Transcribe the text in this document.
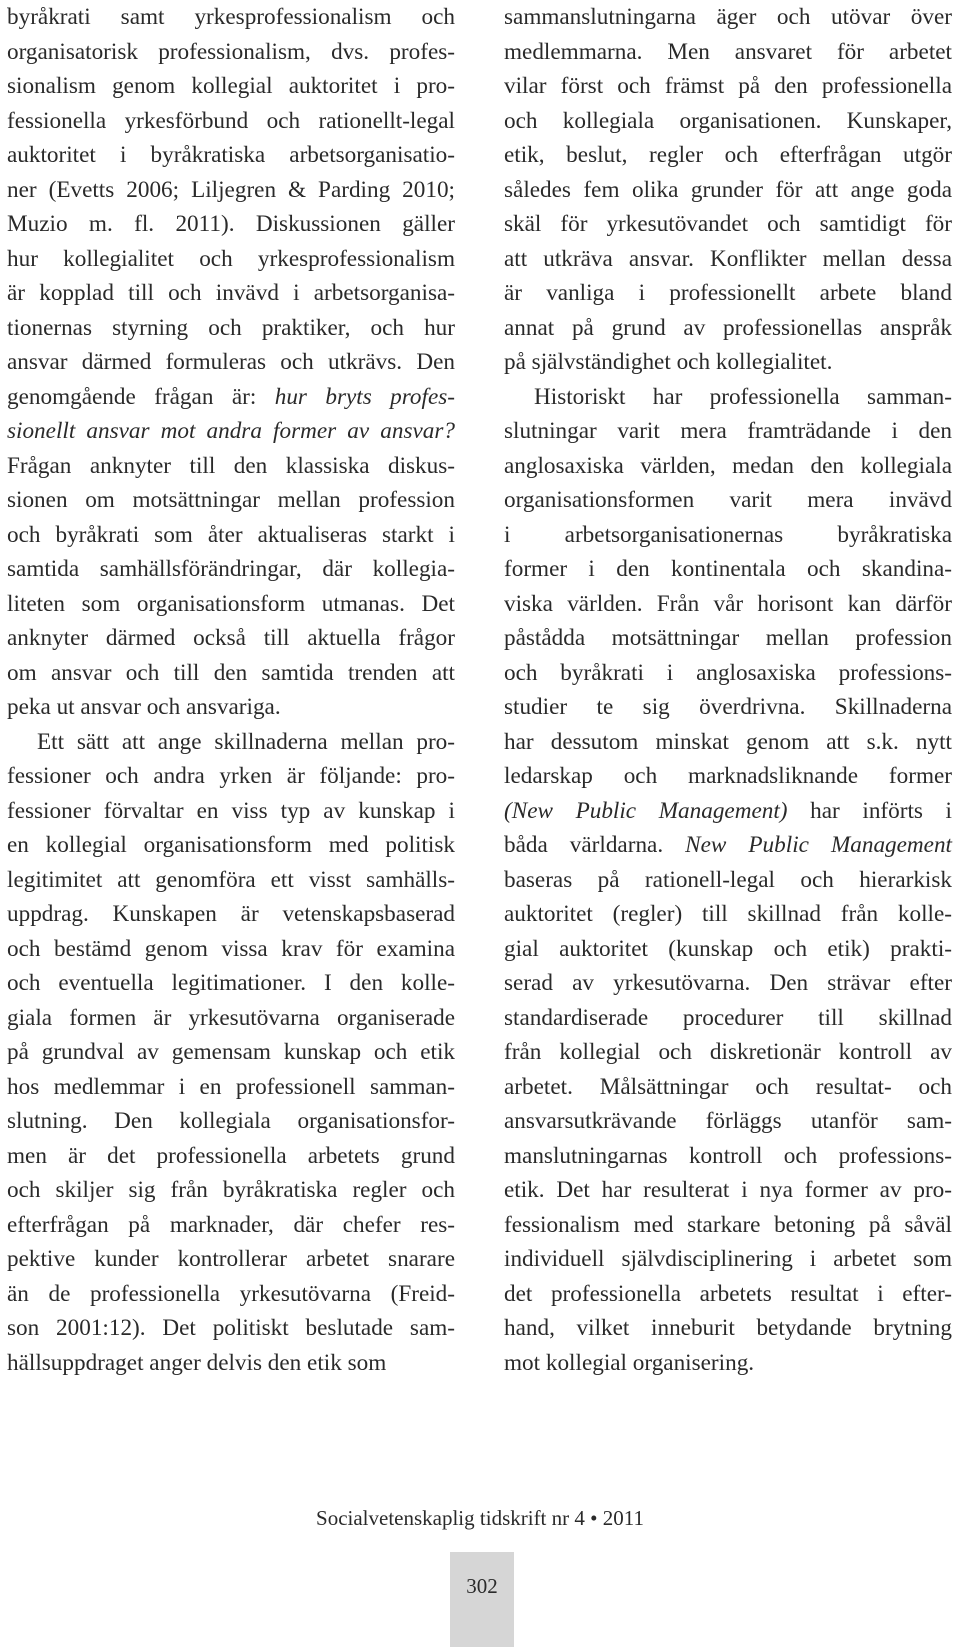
byråkrati samt yrkesprofessionalism och
organisatorisk professionalism, dvs. profes-
sionalism genom kollegial auktoritet i pro-
fessionella yrkesförbund och rationellt-legal
auktoritet i byråkratiska arbetsorganisatio-
ner (Evetts 2006; Liljegren & Parding 2010;
Muzio m. fl. 2011). Diskussionen gäller
hur kollegialitet och yrkesprofessionalism
är kopplad till och invävd i arbetsorganisa-
tionernas styrning och praktiker, och hur
ansvar därmed formuleras och utkrävs. Den
genomgående frågan är: hur bryts profes-
sionellt ansvar mot andra former av ansvar?
Frågan anknyter till den klassiska diskus-
sionen om motsättningar mellan profession
och byråkrati som åter aktualiseras starkt i
samtida samhällsförändringar, där kollegia-
liteten som organisationsform utmanas. Det
anknyter därmed också till aktuella frågor
om ansvar och till den samtida trenden att
peka ut ansvar och ansvariga.
Ett sätt att ange skillnaderna mellan pro-
fessioner och andra yrken är följande: pro-
fessioner förvaltar en viss typ av kunskap i
en kollegial organisationsform med politisk
legitimitet att genomföra ett visst samhälls-
uppdrag. Kunskapen är vetenskapsbaserad
och bestämd genom vissa krav för examina
och eventuella legitimationer. I den kolle-
giala formen är yrkesutövarna organiserade
på grundval av gemensam kunskap och etik
hos medlemmar i en professionell samman-
slutning. Den kollegiala organisationsfor-
men är det professionella arbetets grund
och skiljer sig från byråkratiska regler och
efterfrågan på marknader, där chefer res-
pektive kunder kontrollerar arbetet snarare
än de professionella yrkesutövarna (Freid-
son 2001:12). Det politiskt beslutade sam-
hällsuppdraget anger delvis den etik som
sammanslutningarna äger och utövar över
medlemmarna. Men ansvaret för arbetet
vilar först och främst på den professionella
och kollegiala organisationen. Kunskaper,
etik, beslut, regler och efterfrågan utgör
således fem olika grunder för att ange goda
skäl för yrkesutövandet och samtidigt för
att utkräva ansvar. Konflikter mellan dessa
är vanliga i professionellt arbete bland
annat på grund av professionellas anspråk
på självständighet och kollegialitet.
Historiskt har professionella samman-
slutningar varit mera framträdande i den
anglosaxiska världen, medan den kollegiala
organisationsformen varit mera invävd
i arbetsorganisationernas byråkratiska
former i den kontinentala och skandina-
viska världen. Från vår horisont kan därför
påstådda motsättningar mellan profession
och byråkrati i anglosaxiska professions-
studier te sig överdrivna. Skillnaderna
har dessutom minskat genom att s.k. nytt
ledarskap och marknadsliknande former
(New Public Management) har införts i
båda världarna. New Public Management
baseras på rationell-legal och hierarkisk
auktoritet (regler) till skillnad från kolle-
gial auktoritet (kunskap och etik) prakti-
serad av yrkesutövarna. Den strävar efter
standardiserade procedurer till skillnad
från kollegial och diskretionär kontroll av
arbetet. Målsättningar och resultat- och
ansvarsutkrävande förläggs utanför sam-
manslutningarnas kontroll och professions-
etik. Det har resulterat i nya former av pro-
fessionalism med starkare betoning på såväl
individuell självdisciplinering i arbetet som
det professionella arbetets resultat i efter-
hand, vilket inneburit betydande brytning
mot kollegial organisering.
Socialvetenskaplig tidskrift nr 4 • 2011
302
